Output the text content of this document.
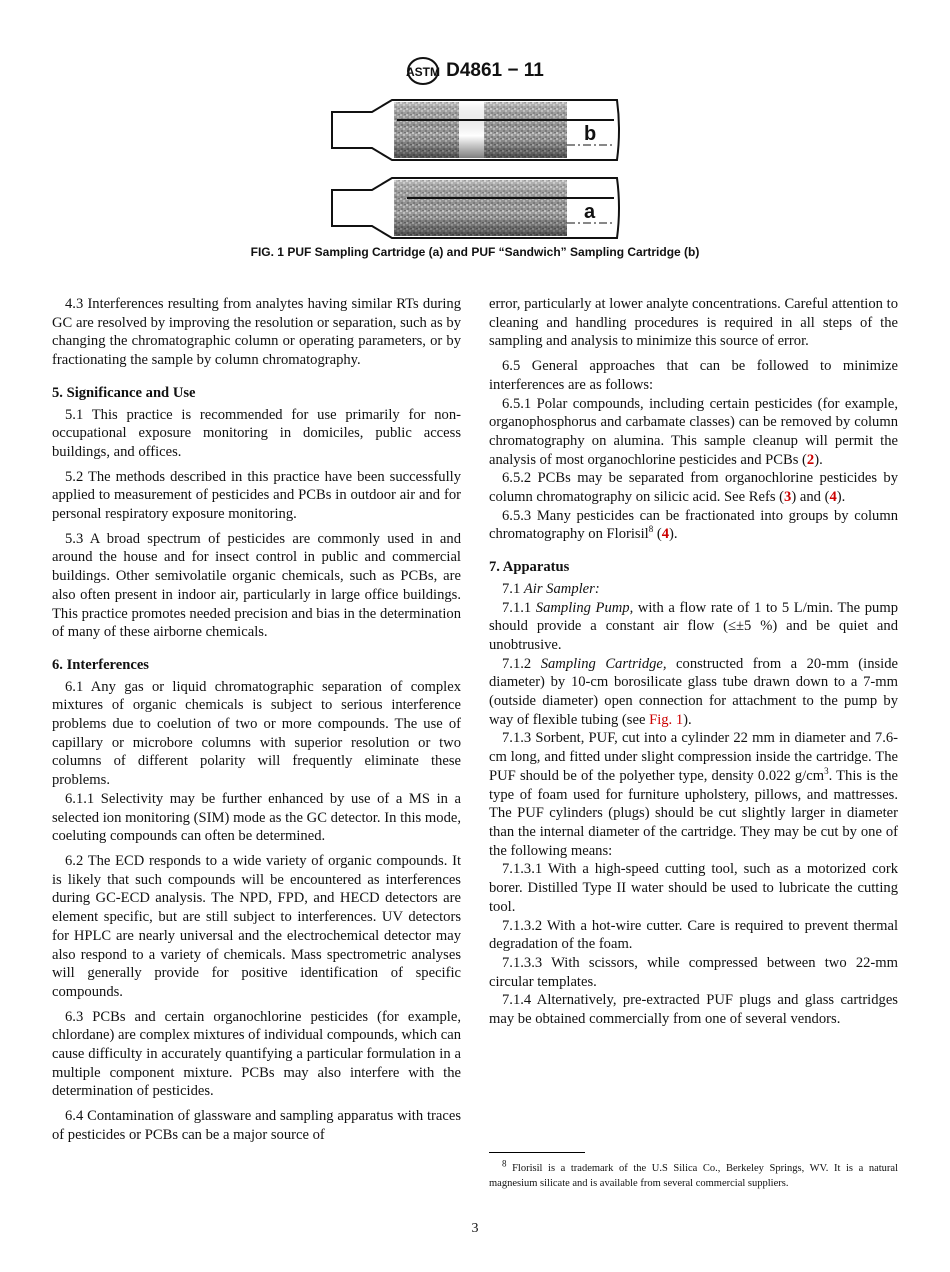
ASTM D4861 − 11
b
a
FIG. 1 PUF Sampling Cartridge (a) and PUF “Sandwich” Sampling Cartridge (b)

4.3 Interferences resulting from analytes having similar RTs during GC are resolved by improving the resolution or separation, such as by changing the chromatographic column or operating parameters, or by fractionating the sample by column chromatography.

5. Significance and Use

5.1 This practice is recommended for use primarily for non-occupational exposure monitoring in domiciles, public access buildings, and offices.

5.2 The methods described in this practice have been successfully applied to measurement of pesticides and PCBs in outdoor air and for personal respiratory exposure monitoring.

5.3 A broad spectrum of pesticides are commonly used in and around the house and for insect control in public and commercial buildings. Other semivolatile organic chemicals, such as PCBs, are also often present in indoor air, particularly in large office buildings. This practice promotes needed precision and bias in the determination of many of these airborne chemicals.

6. Interferences

6.1 Any gas or liquid chromatographic separation of complex mixtures of organic chemicals is subject to serious interference problems due to coelution of two or more compounds. The use of capillary or microbore columns with superior resolution or two columns of different polarity will frequently eliminate these problems.

6.1.1 Selectivity may be further enhanced by use of a MS in a selected ion monitoring (SIM) mode as the GC detector. In this mode, coeluting compounds can often be determined.

6.2 The ECD responds to a wide variety of organic compounds. It is likely that such compounds will be encountered as interferences during GC-ECD analysis. The NPD, FPD, and HECD detectors are element specific, but are still subject to interferences. UV detectors for HPLC are nearly universal and the electrochemical detector may also respond to a variety of chemicals. Mass spectrometric analyses will generally provide for positive identification of specific compounds.

6.3 PCBs and certain organochlorine pesticides (for example, chlordane) are complex mixtures of individual compounds, which can cause difficulty in accurately quantifying a particular formulation in a multiple component mixture. PCBs may also interfere with the determination of pesticides.

6.4 Contamination of glassware and sampling apparatus with traces of pesticides or PCBs can be a major source of

error, particularly at lower analyte concentrations. Careful attention to cleaning and handling procedures is required in all steps of the sampling and analysis to minimize this source of error.

6.5 General approaches that can be followed to minimize interferences are as follows:

6.5.1 Polar compounds, including certain pesticides (for example, organophosphorus and carbamate classes) can be removed by column chromatography on alumina. This sample cleanup will permit the analysis of most organochlorine pesticides and PCBs (2).

6.5.2 PCBs may be separated from organochlorine pesticides by column chromatography on silicic acid. See Refs (3) and (4).

6.5.3 Many pesticides can be fractionated into groups by column chromatography on Florisil$^8$ (4).

7. Apparatus

7.1 Air Sampler:

7.1.1 Sampling Pump, with a flow rate of 1 to 5 L/min. The pump should provide a constant air flow (≤±5 %) and be quiet and unobtrusive.

7.1.2 Sampling Cartridge, constructed from a 20-mm (inside diameter) by 10-cm borosilicate glass tube drawn down to a 7-mm (outside diameter) open connection for attachment to the pump by way of flexible tubing (see Fig. 1).

7.1.3 Sorbent, PUF, cut into a cylinder 22 mm in diameter and 7.6-cm long, and fitted under slight compression inside the cartridge. The PUF should be of the polyether type, density 0.022 $g/cm^3$. This is the type of foam used for furniture upholstery, pillows, and mattresses. The PUF cylinders (plugs) should be cut slightly larger in diameter than the internal diameter of the cartridge. They may be cut by one of the following means:

7.1.3.1 With a high-speed cutting tool, such as a motorized cork borer. Distilled Type II water should be used to lubricate the cutting tool.

7.1.3.2 With a hot-wire cutter. Care is required to prevent thermal degradation of the foam.

7.1.3.3 With scissors, while compressed between two 22-mm circular templates.

7.1.4 Alternatively, pre-extracted PUF plugs and glass cartridges may be obtained commercially from one of several vendors.

$^8$ Florisil is a trademark of the U.S Silica Co., Berkeley Springs, WV. It is a natural magnesium silicate and is available from several commercial suppliers.
3
